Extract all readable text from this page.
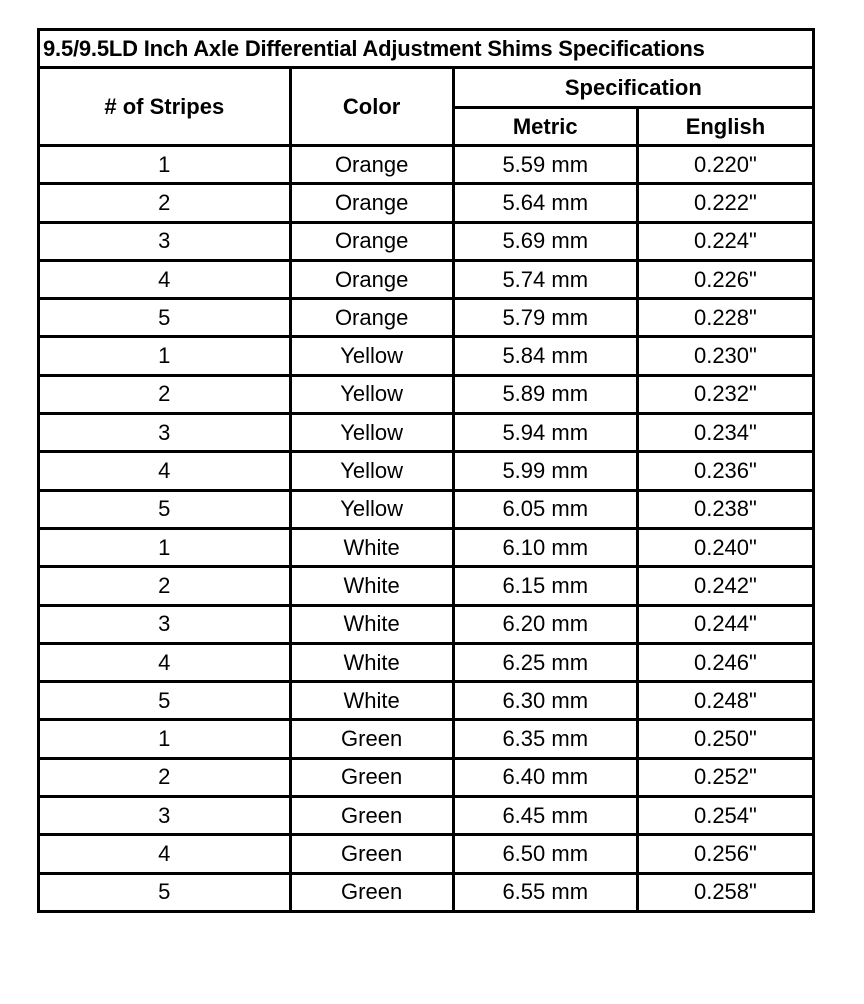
9.5/9.5LD Inch Axle Differential Adjustment Shims Specifications			
# of Stripes	Color	Specification	
		Metric	English
1	Orange	5.59 mm	0.220"
2	Orange	5.64 mm	0.222"
3	Orange	5.69 mm	0.224"
4	Orange	5.74 mm	0.226"
5	Orange	5.79 mm	0.228"
1	Yellow	5.84 mm	0.230"
2	Yellow	5.89 mm	0.232"
3	Yellow	5.94 mm	0.234"
4	Yellow	5.99 mm	0.236"
5	Yellow	6.05 mm	0.238"
1	White	6.10 mm	0.240"
2	White	6.15 mm	0.242"
3	White	6.20 mm	0.244"
4	White	6.25 mm	0.246"
5	White	6.30 mm	0.248"
1	Green	6.35 mm	0.250"
2	Green	6.40 mm	0.252"
3	Green	6.45 mm	0.254"
4	Green	6.50 mm	0.256"
5	Green	6.55 mm	0.258"
